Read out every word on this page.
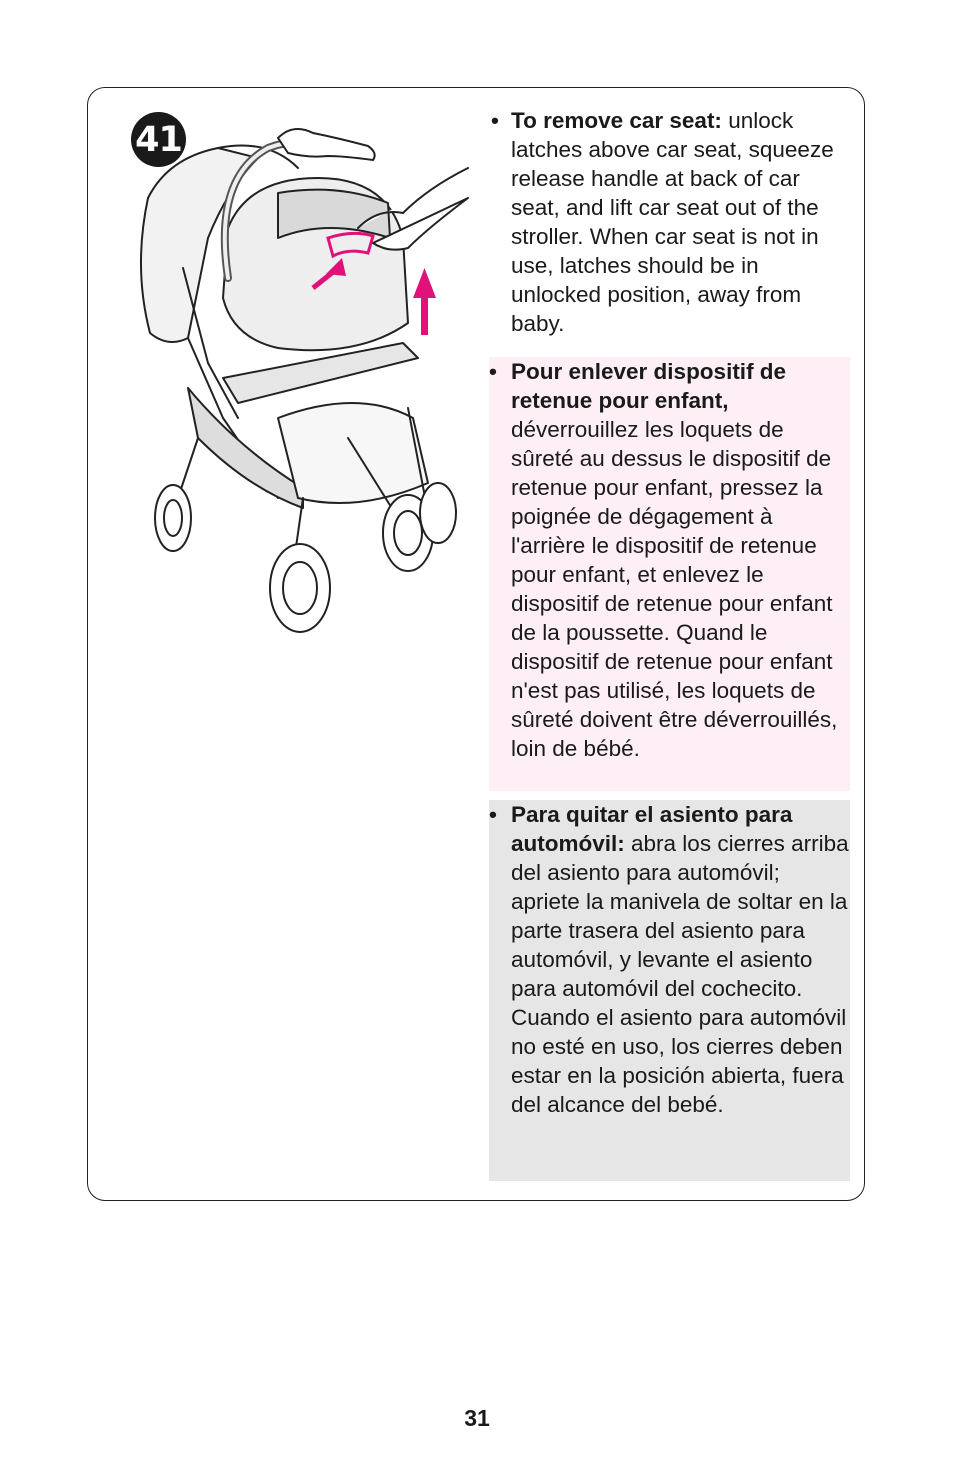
41	• To remove car seat: unlock latches above car seat, squeeze release handle at back of car seat, and lift car seat out of the stroller. When car seat is not in use, latches should be in unlocked position, away from baby.
• Pour enlever dispositif de retenue pour enfant, déverrouillez les loquets de sûreté au dessus le dispositif de retenue pour enfant, pressez la poignée de dégagement à l'arrière le dispositif de retenue pour enfant, et enlevez le dispositif de retenue pour enfant de la poussette. Quand le dispositif de retenue pour enfant n'est pas utilisé, les loquets de sûreté doivent être déverrouillés, loin de bébé.
• Para quitar el asiento para automóvil: abra los cierres arriba del asiento para automóvil; apriete la manivela de soltar en la parte trasera del asiento para automóvil, y levante el asiento para automóvil del cochecito. Cuando el asiento para automóvil no esté en uso, los cierres deben estar en la posición abierta, fuera del alcance del bebé.
31
